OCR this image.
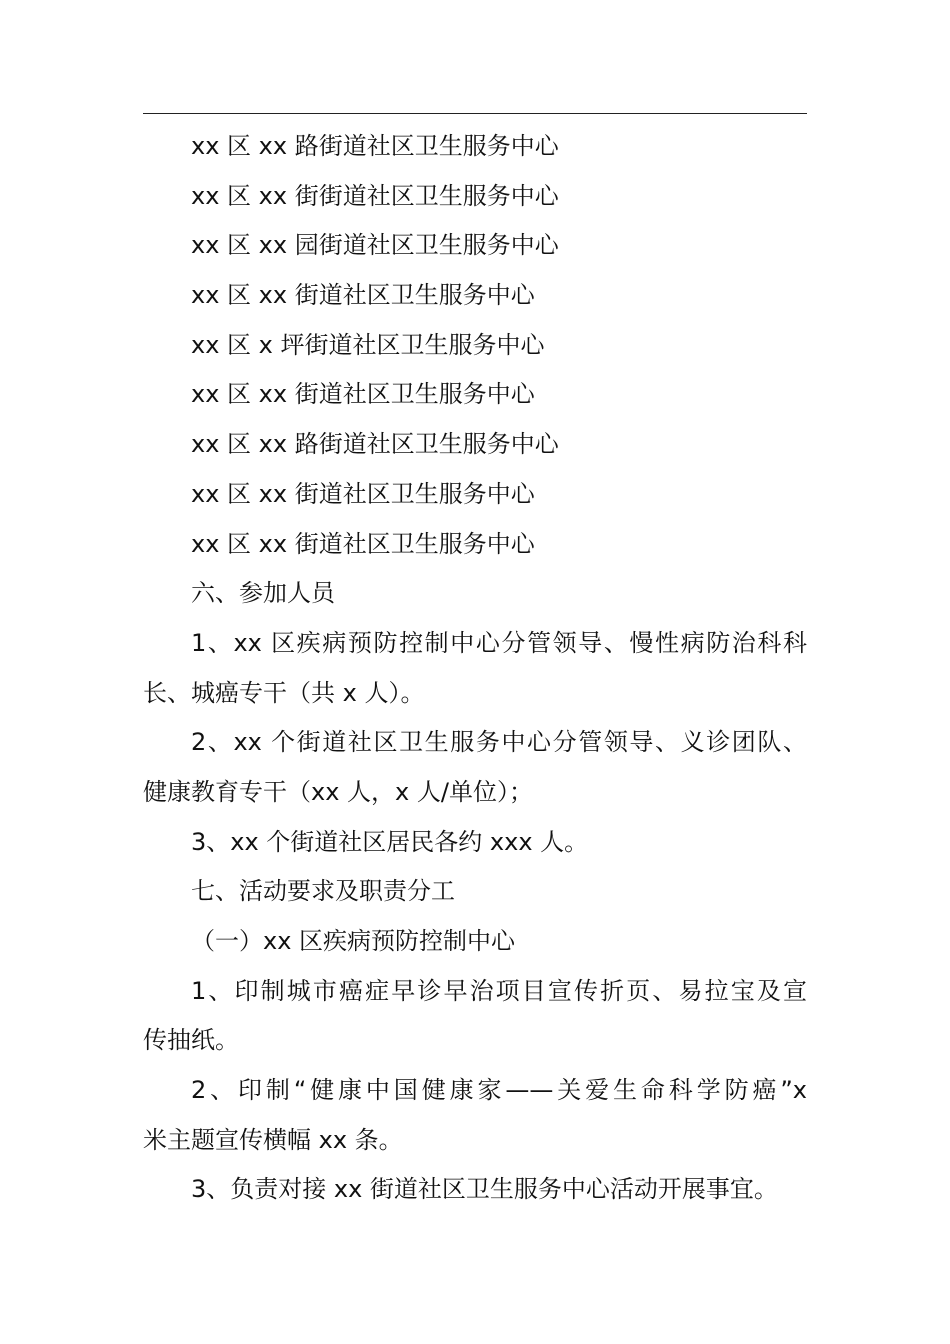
xx 区 xx 路街道社区卫生服务中心
xx 区 xx 街街道社区卫生服务中心
xx 区 xx 园街道社区卫生服务中心
xx 区 xx 街道社区卫生服务中心
xx 区 x 坪街道社区卫生服务中心
xx 区 xx 街道社区卫生服务中心
xx 区 xx 路街道社区卫生服务中心
xx 区 xx 街道社区卫生服务中心
xx 区 xx 街道社区卫生服务中心
六、参加人员
1、xx 区疾病预防控制中心分管领导、慢性病防治科科
长、城癌专干（共 x 人）。
2、xx 个街道社区卫生服务中心分管领导、义诊团队、
健康教育专干（xx 人，x 人/单位）；
3、xx 个街道社区居民各约 xxx 人。
七、活动要求及职责分工
（一）xx 区疾病预防控制中心
1、印制城市癌症早诊早治项目宣传折页、易拉宝及宣
传抽纸。
2、印制“健康中国健康家——关爱生命科学防癌”x
米主题宣传横幅 xx 条。
3、负责对接 xx 街道社区卫生服务中心活动开展事宜。
